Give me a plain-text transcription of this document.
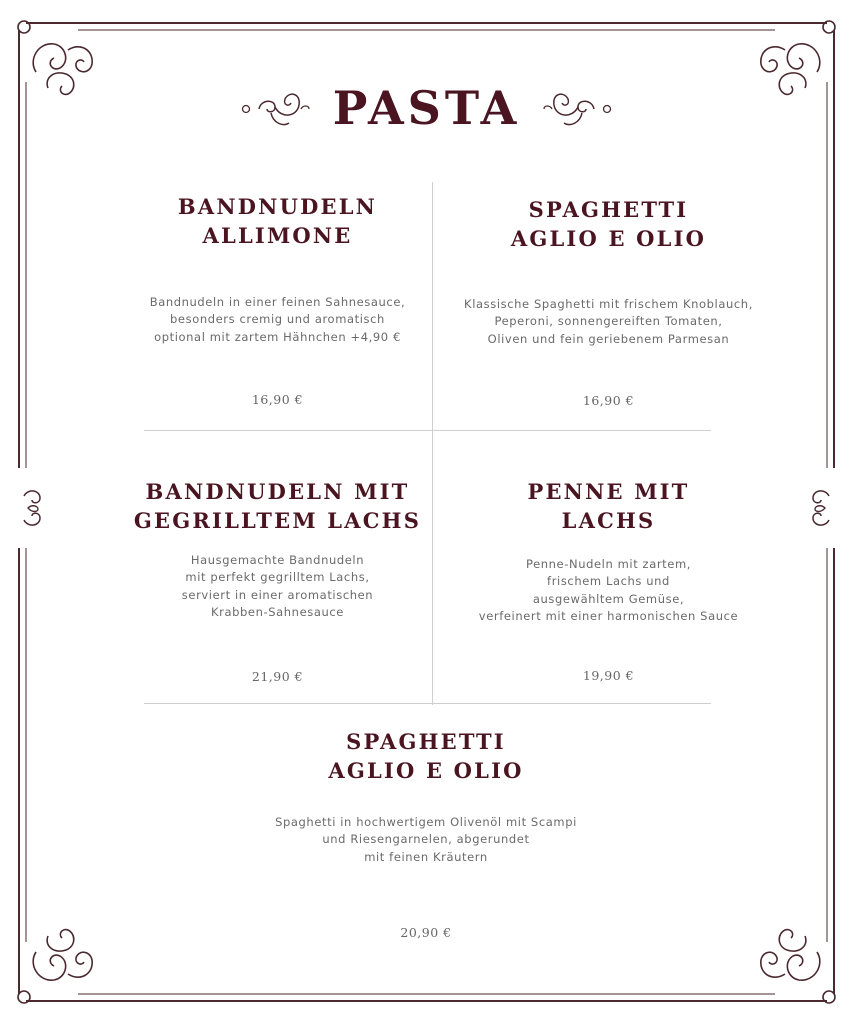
PASTA
BANDNUDELN
ALLIMONE
Bandnudeln in einer feinen Sahnesauce,
besonders cremig und aromatisch
optional mit zartem Hähnchen +4,90 €
16,90 €
SPAGHETTI
AGLIO E OLIO
Klassische Spaghetti mit frischem Knoblauch,
Peperoni, sonnengereiften Tomaten,
Oliven und fein geriebenem Parmesan
16,90 €
BANDNUDELN MIT
GEGRILLTEM LACHS
Hausgemachte Bandnudeln
mit perfekt gegrilltem Lachs,
serviert in einer aromatischen
Krabben-Sahnesauce
21,90 €
PENNE MIT
LACHS
Penne-Nudeln mit zartem,
frischem Lachs und
ausgewähltem Gemüse,
verfeinert mit einer harmonischen Sauce
19,90 €
SPAGHETTI
AGLIO E OLIO
Spaghetti in hochwertigem Olivenöl mit Scampi
und Riesengarnelen, abgerundet
mit feinen Kräutern
20,90 €
